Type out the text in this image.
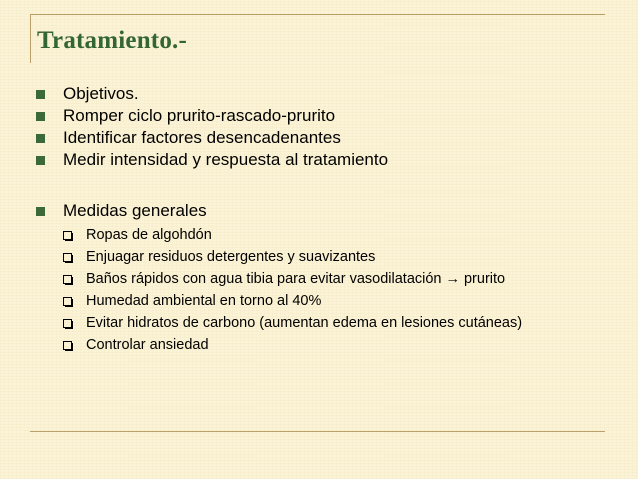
Tratamiento.-
Objetivos.
Romper ciclo prurito-rascado-prurito
Identificar factores desencadenantes
Medir intensidad y respuesta al tratamiento
Medidas generales
Ropas de algohdón
Enjuagar residuos detergentes y suavizantes
Baños rápidos con agua tibia para evitar vasodilatación → prurito
Humedad ambiental en torno al 40%
Evitar hidratos de carbono (aumentan edema en lesiones cutáneas)
Controlar ansiedad
